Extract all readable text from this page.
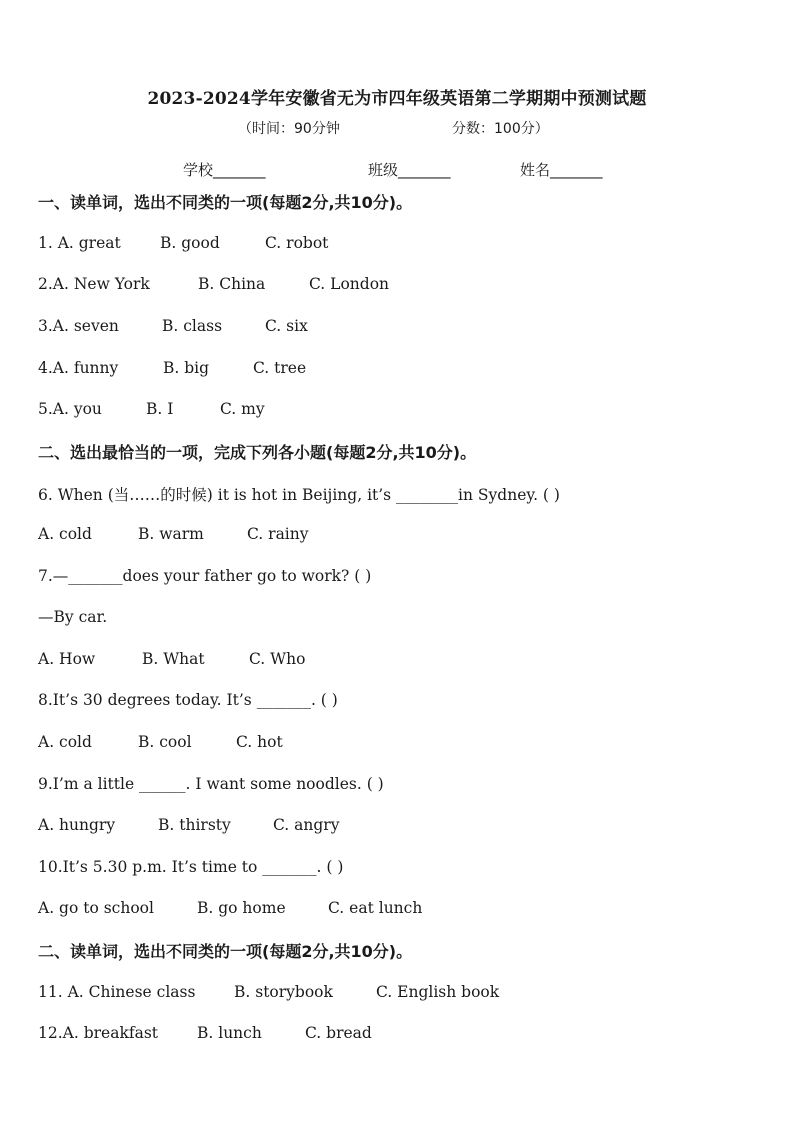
2023-2024学年安徽省无为市四年级英语第二学期期中预测试题
（时间：90分钟	分数：100分）
学校_______	班级_______	姓名_______
一、读单词，选出不同类的一项(每题2分,共10分)。
1. A. great	B. good	C. robot
2.A. New York	B. China	C. London
3.A. seven	B. class	C. six
4.A. funny	B. big	C. tree
5.A. you	B. I	C. my
二、选出最恰当的一项，完成下列各小题(每题2分,共10分)。
6. When (当……的时候) it is hot in Beijing, it’s ________in Sydney. ( )
A. cold	B. warm	C. rainy
7.—_______does your father go to work? ( )
—By car.
A. How	B. What	C. Who
8.It’s 30 degrees today. It’s _______. ( )
A. cold	B. cool	C. hot
9.I’m a little ______. I want some noodles. ( )
A. hungry	B. thirsty	C. angry
10.It’s 5.30 p.m. It’s time to _______. ( )
A. go to school	B. go home	C. eat lunch
二、读单词，选出不同类的一项(每题2分,共10分)。
11. A. Chinese class B. storybook	C. English book
12.A. breakfast	B. lunch	C. bread
